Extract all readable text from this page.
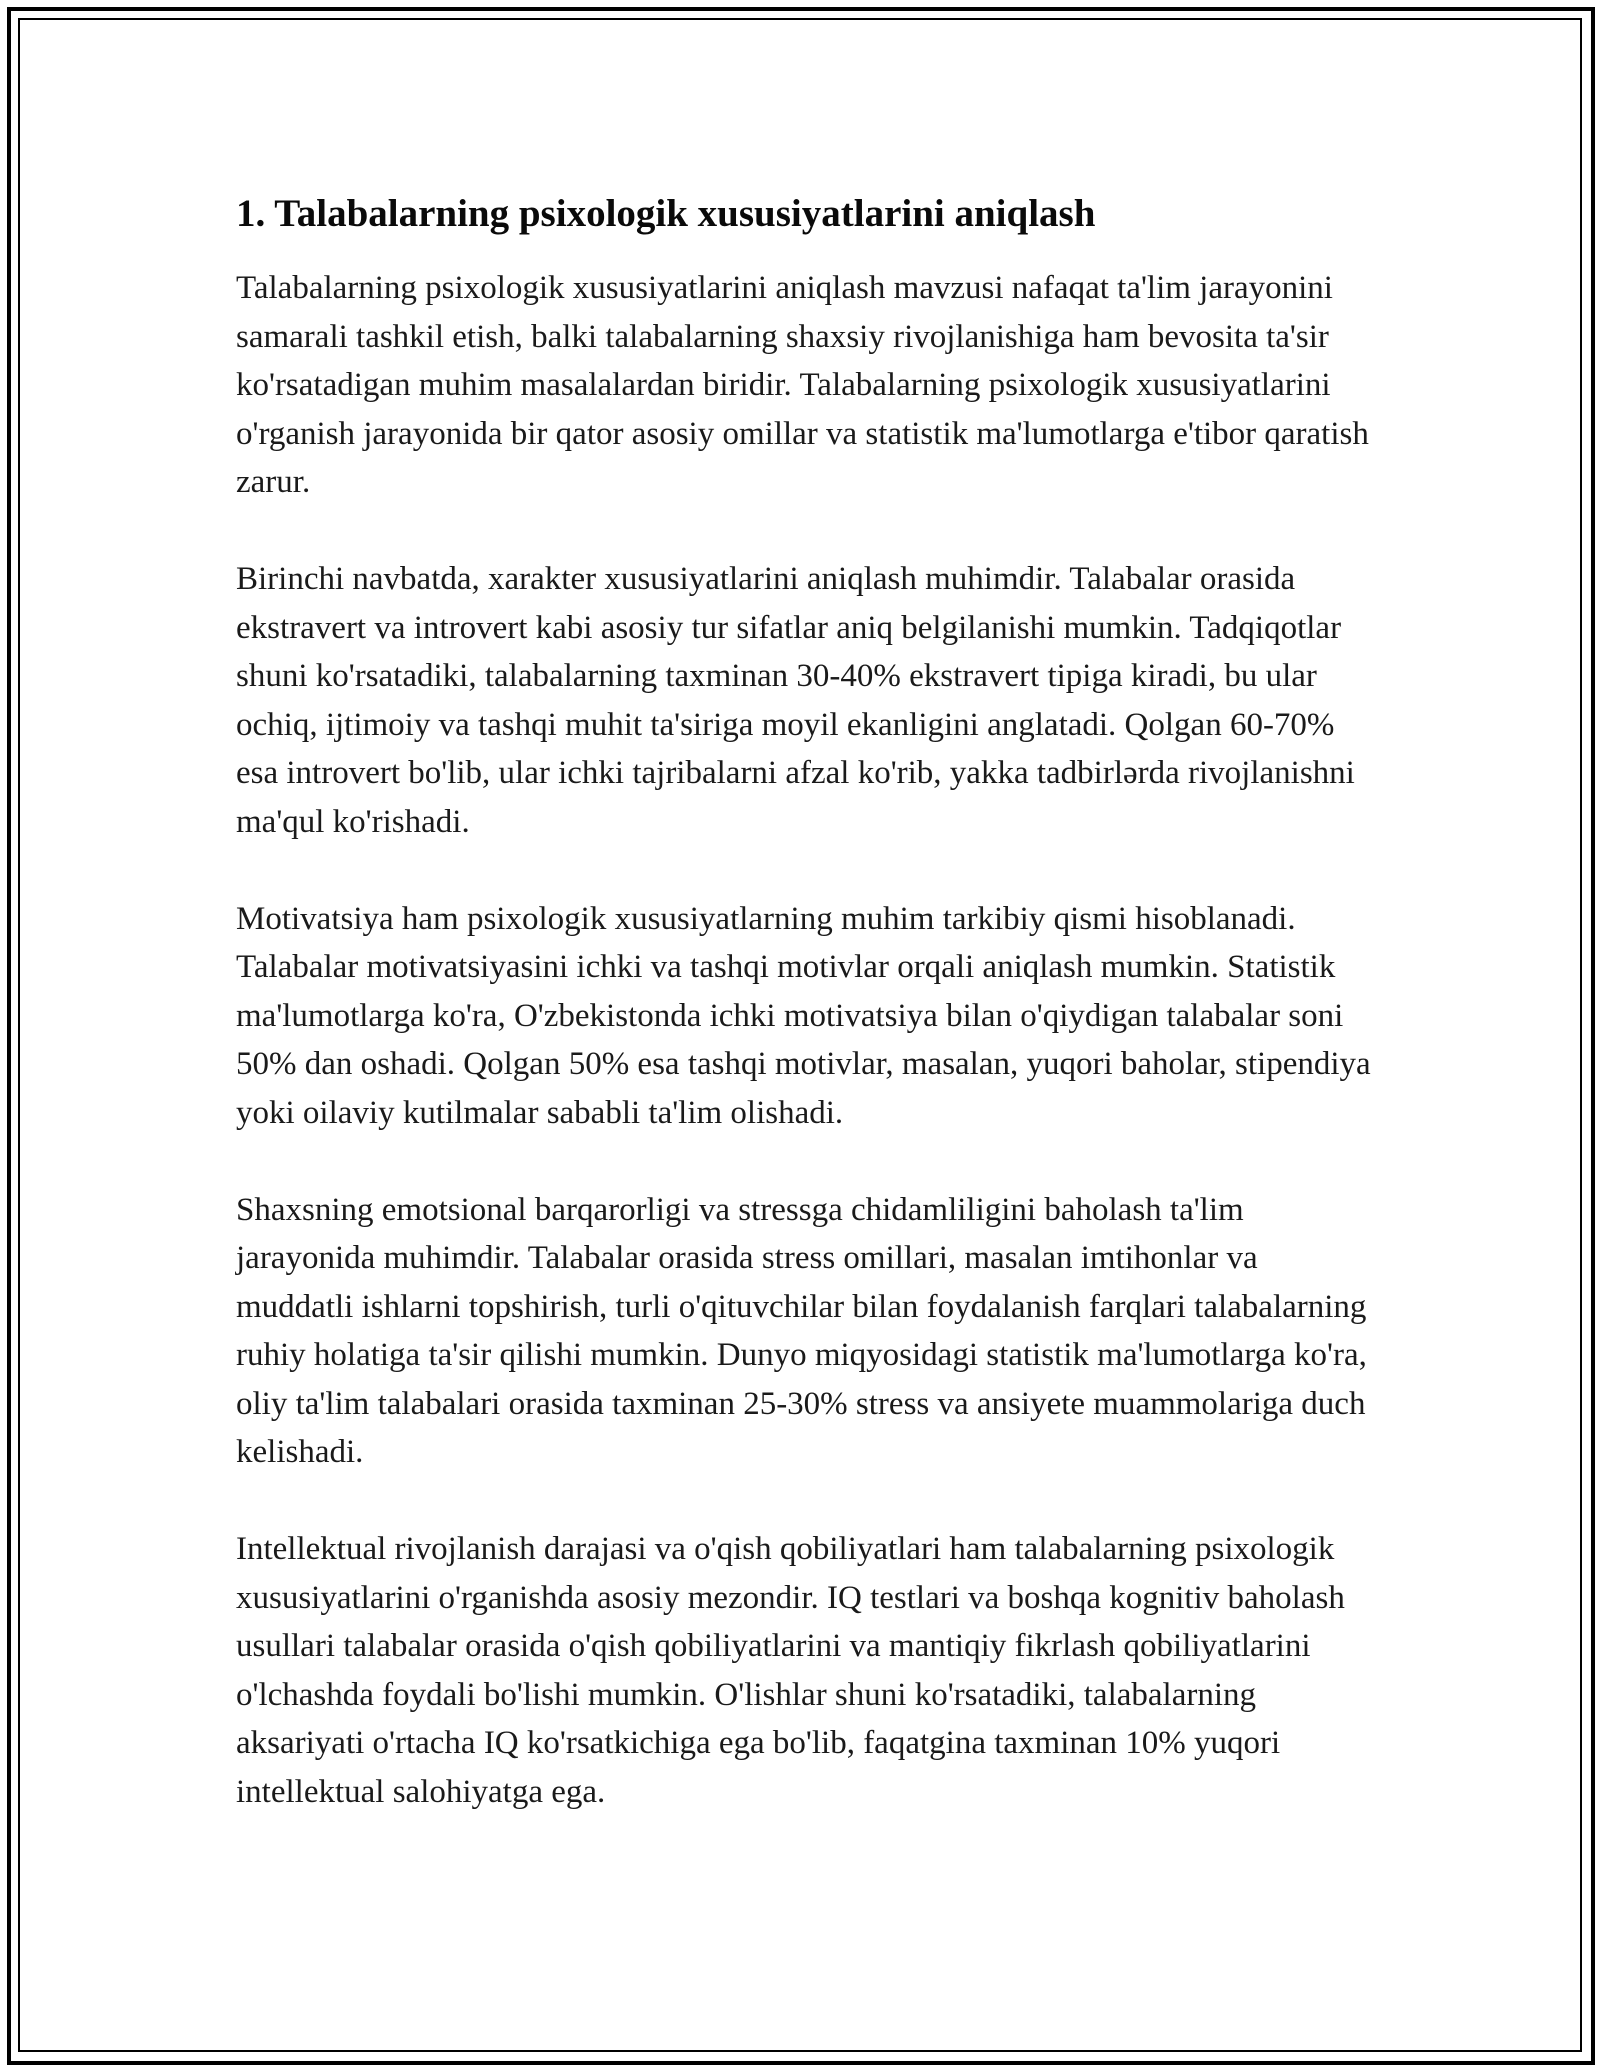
1. Talabalarning psixologik xususiyatlarini aniqlash

Talabalarning psixologik xususiyatlarini aniqlash mavzusi nafaqat ta'lim jarayonini samarali tashkil etish, balki talabalarning shaxsiy rivojlanishiga ham bevosita ta'sir ko'rsatadigan muhim masalalardan biridir. Talabalarning psixologik xususiyatlarini o'rganish jarayonida bir qator asosiy omillar va statistik ma'lumotlarga e'tibor qaratish zarur.

Birinchi navbatda, xarakter xususiyatlarini aniqlash muhimdir. Talabalar orasida ekstravert va introvert kabi asosiy tur sifatlar aniq belgilanishi mumkin. Tadqiqotlar shuni ko'rsatadiki, talabalarning taxminan 30-40% ekstravert tipiga kiradi, bu ular ochiq, ijtimoiy va tashqi muhit ta'siriga moyil ekanligini anglatadi. Qolgan 60-70% esa introvert bo'lib, ular ichki tajribalarni afzal ko'rib, yakka tadbirlərda rivojlanishni ma'qul ko'rishadi.

Motivatsiya ham psixologik xususiyatlarning muhim tarkibiy qismi hisoblanadi. Talabalar motivatsiyasini ichki va tashqi motivlar orqali aniqlash mumkin. Statistik ma'lumotlarga ko'ra, O'zbekistonda ichki motivatsiya bilan o'qiydigan talabalar soni 50% dan oshadi. Qolgan 50% esa tashqi motivlar, masalan, yuqori baholar, stipendiya yoki oilaviy kutilmalar sababli ta'lim olishadi.

Shaxsning emotsional barqarorligi va stressga chidamliligini baholash ta'lim jarayonida muhimdir. Talabalar orasida stress omillari, masalan imtihonlar va muddatli ishlarni topshirish, turli o'qituvchilar bilan foydalanish farqlari talabalarning ruhiy holatiga ta'sir qilishi mumkin. Dunyo miqyosidagi statistik ma'lumotlarga ko'ra, oliy ta'lim talabalari orasida taxminan 25-30% stress va ansiyete muammolariga duch kelishadi.

Intellektual rivojlanish darajasi va o'qish qobiliyatlari ham talabalarning psixologik xususiyatlarini o'rganishda asosiy mezondir. IQ testlari va boshqa kognitiv baholash usullari talabalar orasida o'qish qobiliyatlarini va mantiqiy fikrlash qobiliyatlarini o'lchashda foydali bo'lishi mumkin. O'lishlar shuni ko'rsatadiki, talabalarning aksariyati o'rtacha IQ ko'rsatkichiga ega bo'lib, faqatgina taxminan 10% yuqori intellektual salohiyatga ega.
